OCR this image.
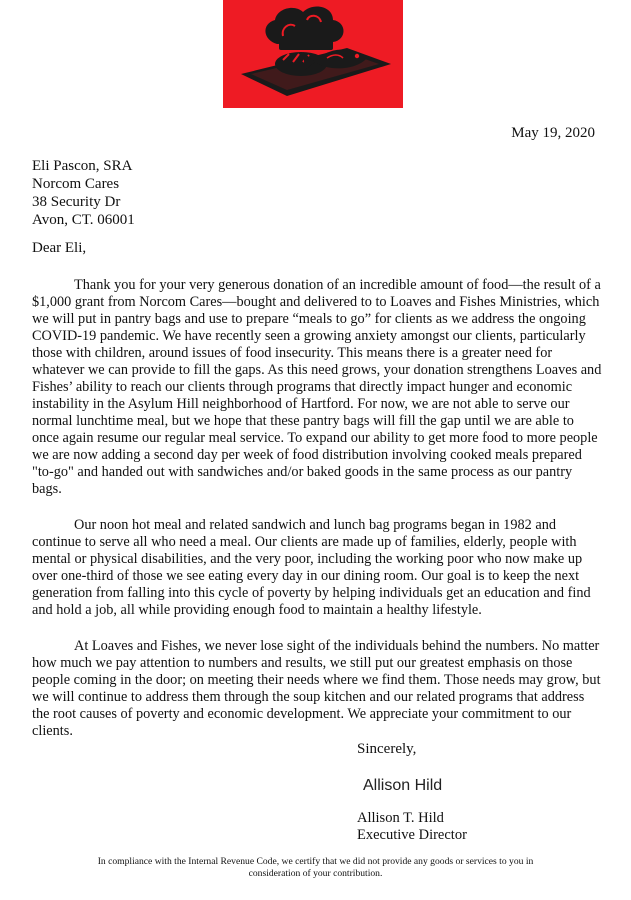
May 19, 2020
Eli Pascon, SRA
Norcom Cares
38 Security Dr
Avon, CT. 06001
Dear Eli,

Thank you for your very generous donation of an incredible amount of food—the result of a $1,000 grant from Norcom Cares—bought and delivered to to Loaves and Fishes Ministries, which we will put in pantry bags and use to prepare “meals to go” for clients as we address the ongoing COVID-19 pandemic. We have recently seen a growing anxiety amongst our clients, particularly those with children, around issues of food insecurity. This means there is a greater need for whatever we can provide to fill the gaps. As this need grows, your donation strengthens Loaves and Fishes’ ability to reach our clients through programs that directly impact hunger and economic instability in the Asylum Hill neighborhood of Hartford. For now, we are not able to serve our normal lunchtime meal, but we hope that these pantry bags will fill the gap until we are able to once again resume our regular meal service. To expand our ability to get more food to more people we are now adding a second day per week of food distribution involving cooked meals prepared "to-go" and handed out with sandwiches and/or baked goods in the same process as our pantry bags.

Our noon hot meal and related sandwich and lunch bag programs began in 1982 and continue to serve all who need a meal. Our clients are made up of families, elderly, people with mental or physical disabilities, and the very poor, including the working poor who now make up over one-third of those we see eating every day in our dining room. Our goal is to keep the next generation from falling into this cycle of poverty by helping individuals get an education and find and hold a job, all while providing enough food to maintain a healthy lifestyle.

At Loaves and Fishes, we never lose sight of the individuals behind the numbers. No matter how much we pay attention to numbers and results, we still put our greatest emphasis on those people coming in the door; on meeting their needs where we find them. Those needs may grow, but we will continue to address them through the soup kitchen and our related programs that address the root causes of poverty and economic development. We appreciate your commitment to our clients.

Sincerely,
Allison Hild
Allison T. Hild
Executive Director
In compliance with the Internal Revenue Code, we certify that we did not provide any goods or services to you in
consideration of your contribution.
